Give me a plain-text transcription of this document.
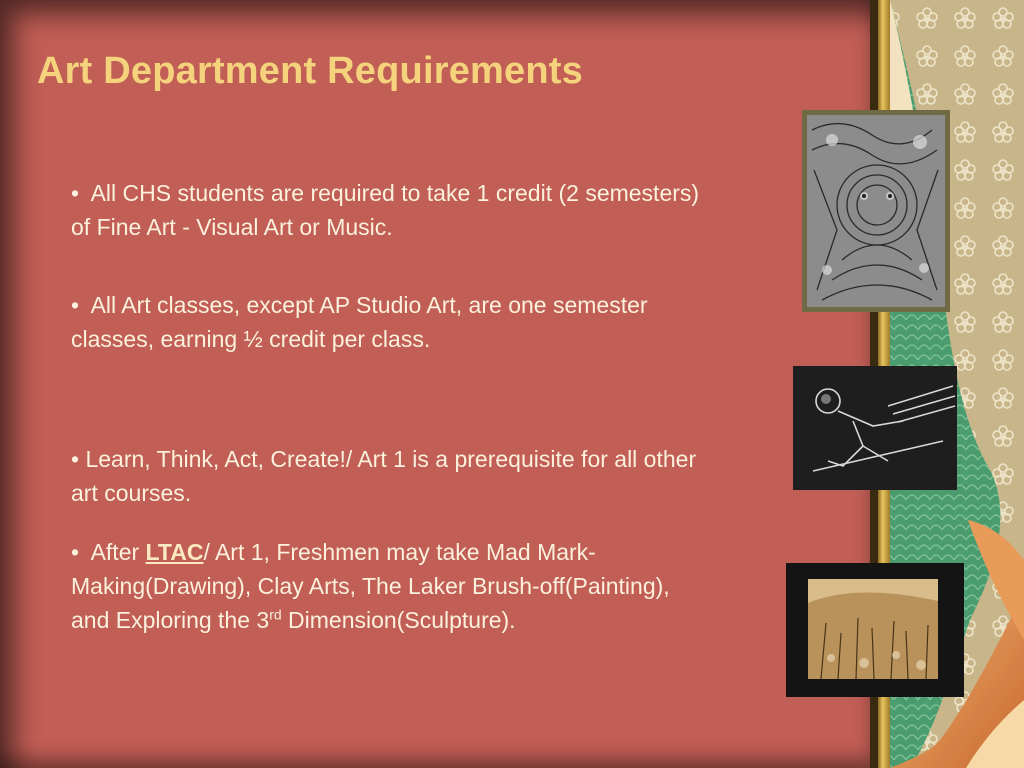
Art Department Requirements

• All CHS students are required to take 1 credit (2 semesters) of Fine Art - Visual Art or Music.

• All Art classes, except AP Studio Art, are one semester classes, earning ½ credit per class.

• Learn, Think, Act, Create!/ Art 1 is a prerequisite for all other art courses.

• After LTAC/ Art 1, Freshmen may take Mad Mark-Making(Drawing), Clay Arts, The Laker Brush-off(Painting), and Exploring the 3rd Dimension(Sculpture).
